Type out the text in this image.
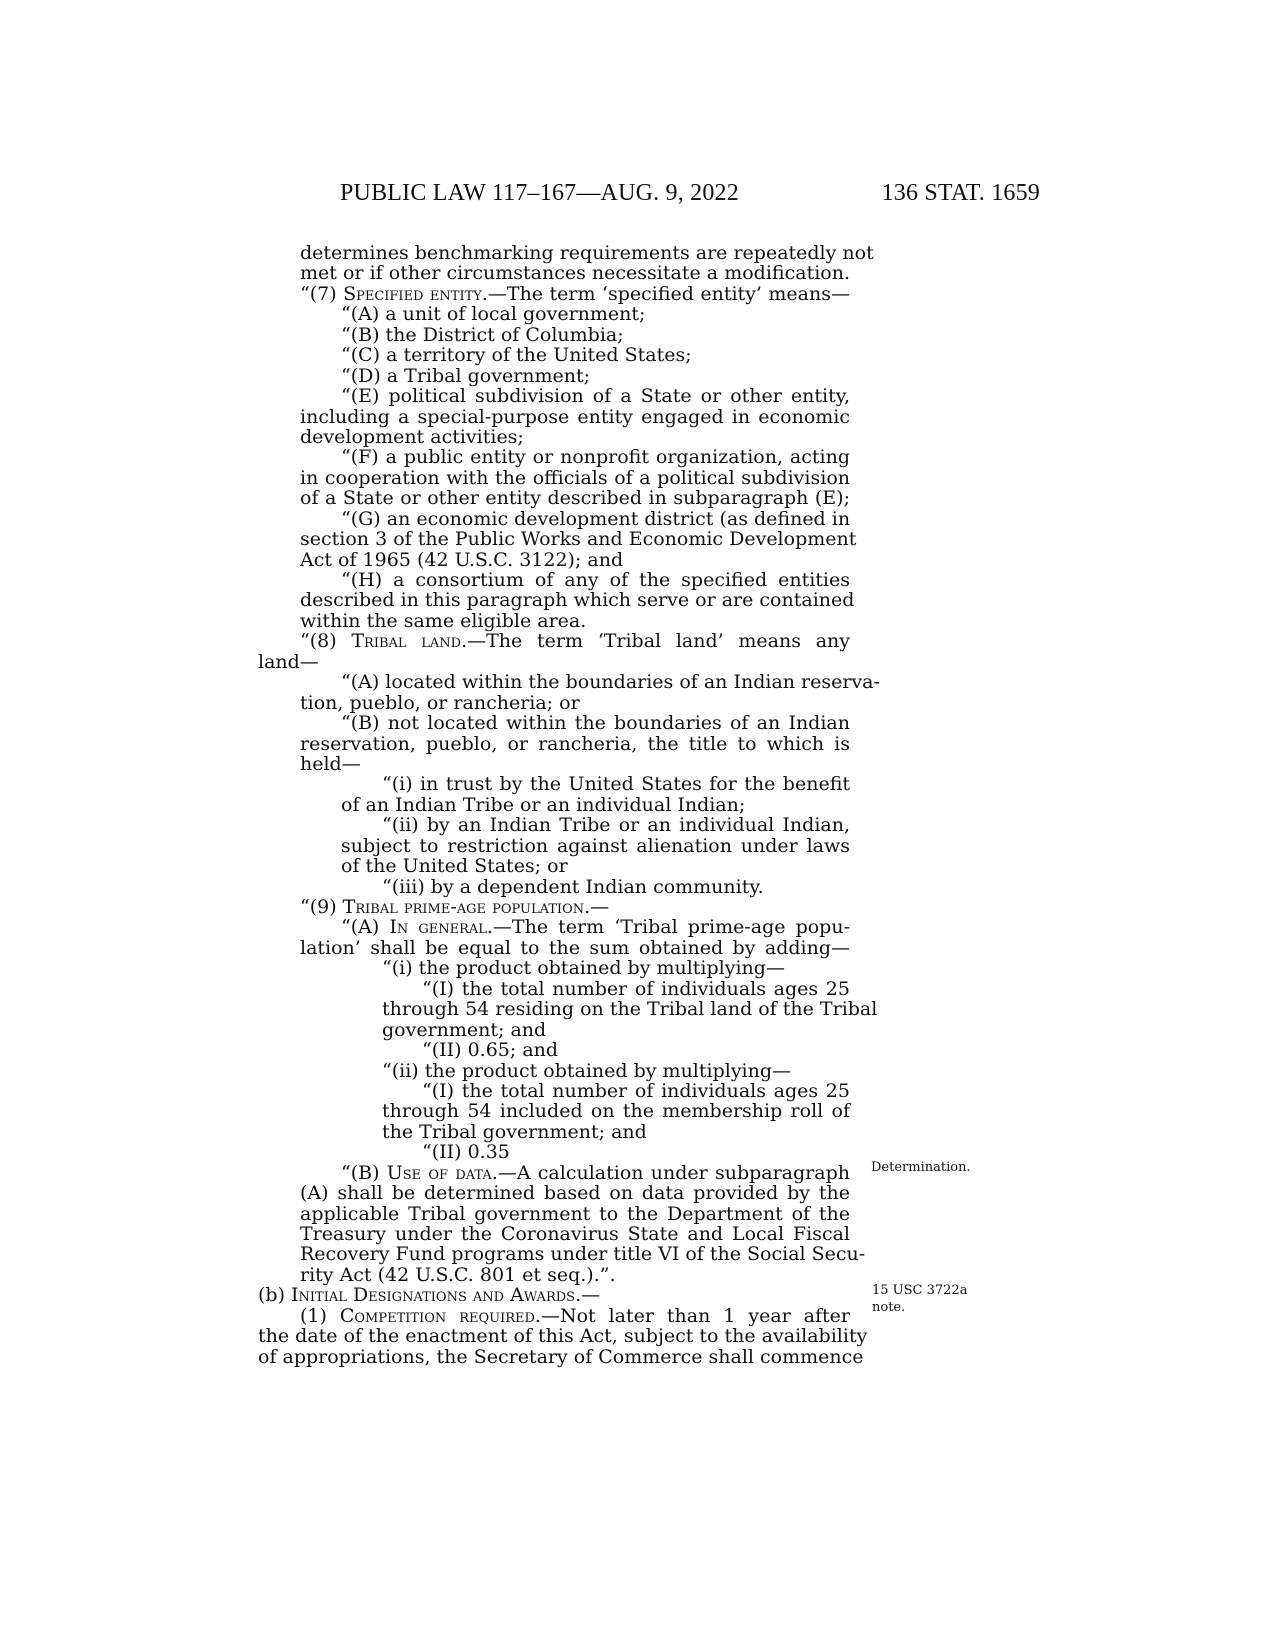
PUBLIC LAW 117–167—AUG. 9, 2022	136 STAT. 1659
determines benchmarking requirements are repeatedly not
met or if other circumstances necessitate a modification.
“(7) Specified entity.—The term ‘specified entity’ means—
“(A) a unit of local government;
“(B) the District of Columbia;
“(C) a territory of the United States;
“(D) a Tribal government;
“(E) political subdivision of a State or other entity,
including a special-purpose entity engaged in economic
development activities;
“(F) a public entity or nonprofit organization, acting
in cooperation with the officials of a political subdivision
of a State or other entity described in subparagraph (E);
“(G) an economic development district (as defined in
section 3 of the Public Works and Economic Development
Act of 1965 (42 U.S.C. 3122); and
“(H) a consortium of any of the specified entities
described in this paragraph which serve or are contained
within the same eligible area.
“(8) Tribal land.—The term ‘Tribal land’ means any
land—
“(A) located within the boundaries of an Indian reserva-
tion, pueblo, or rancheria; or
“(B) not located within the boundaries of an Indian
reservation, pueblo, or rancheria, the title to which is
held—
“(i) in trust by the United States for the benefit
of an Indian Tribe or an individual Indian;
“(ii) by an Indian Tribe or an individual Indian,
subject to restriction against alienation under laws
of the United States; or
“(iii) by a dependent Indian community.
“(9) Tribal prime-age population.—
“(A) In general.—The term ‘Tribal prime-age popu-
lation’ shall be equal to the sum obtained by adding—
“(i) the product obtained by multiplying—
“(I) the total number of individuals ages 25
through 54 residing on the Tribal land of the Tribal
government; and
“(II) 0.65; and
“(ii) the product obtained by multiplying—
“(I) the total number of individuals ages 25
through 54 included on the membership roll of
the Tribal government; and
“(II) 0.35
“(B) Use of data.—A calculation under subparagraph
(A) shall be determined based on data provided by the
applicable Tribal government to the Department of the
Treasury under the Coronavirus State and Local Fiscal
Recovery Fund programs under title VI of the Social Secu-
rity Act (42 U.S.C. 801 et seq.).”.
(b) Initial Designations and Awards.—
(1) Competition required.—Not later than 1 year after
the date of the enactment of this Act, subject to the availability
of appropriations, the Secretary of Commerce shall commence
Determination.
15 USC 3722a
note.
